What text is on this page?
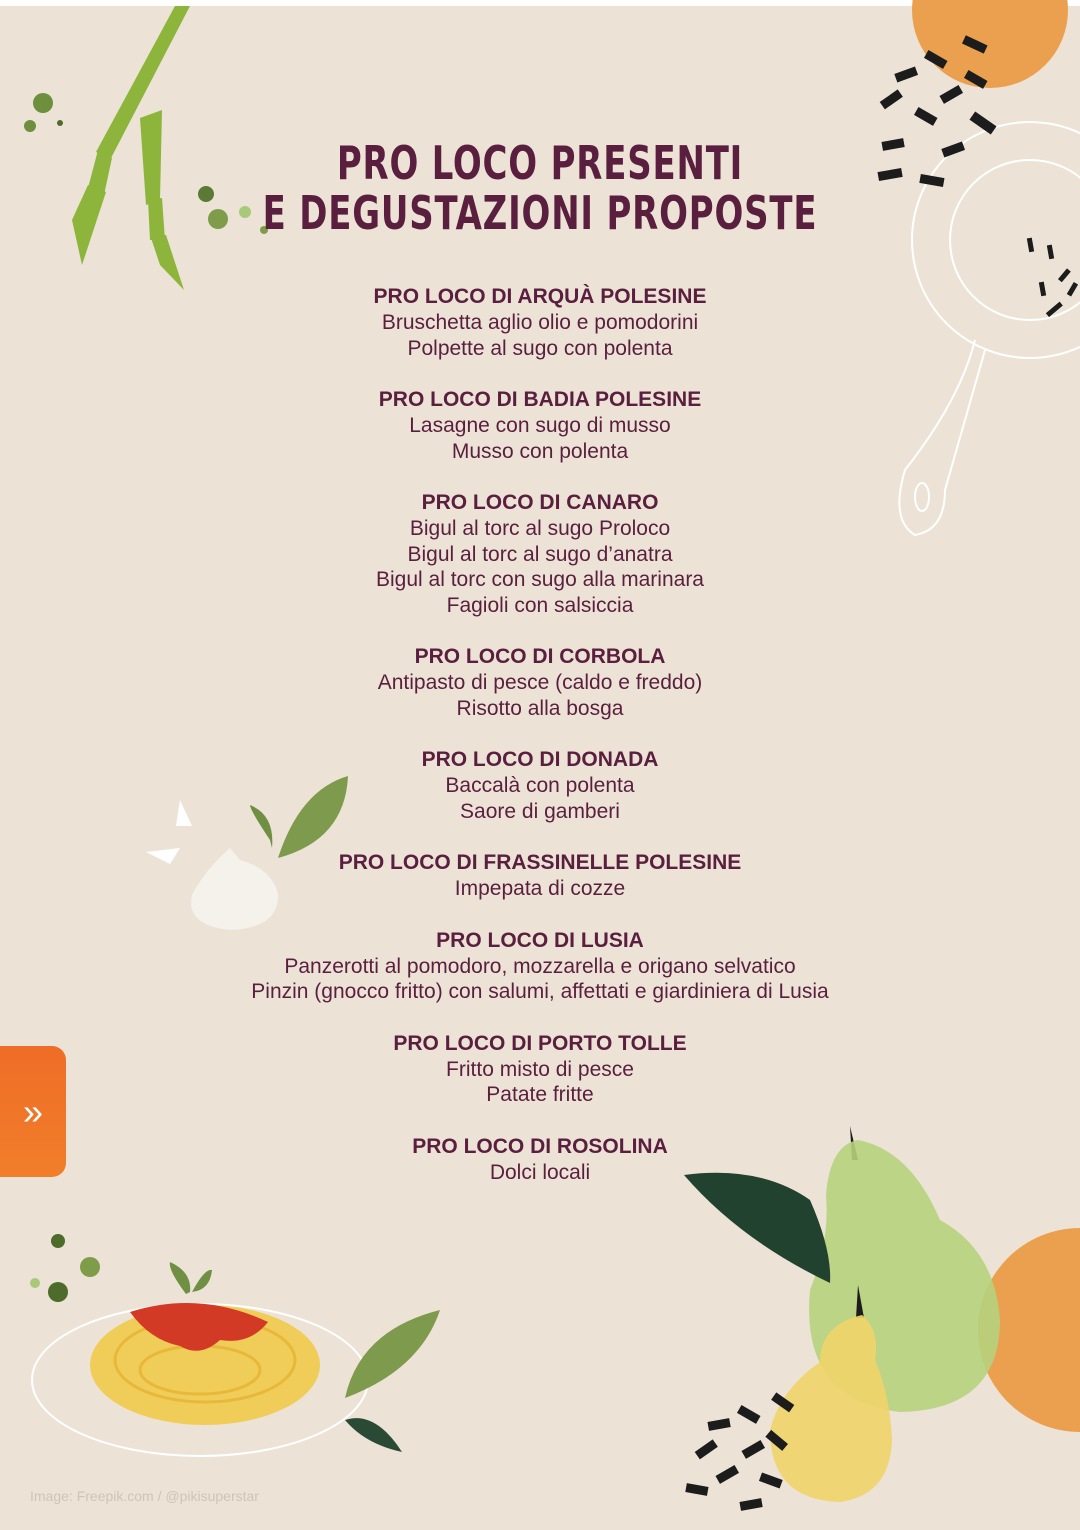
PRO LOCO PRESENTI
E DEGUSTAZIONI PROPOSTE
PRO LOCO DI ARQUÀ POLESINE
Bruschetta aglio olio e pomodorini
Polpette al sugo con polenta
PRO LOCO DI BADIA POLESINE
Lasagne con sugo di musso
Musso con polenta
PRO LOCO DI CANARO
Bigul al torc al sugo Proloco
Bigul al torc al sugo d’anatra
Bigul al torc con sugo alla marinara
Fagioli con salsiccia
PRO LOCO DI CORBOLA
Antipasto di pesce (caldo e freddo)
Risotto alla bosga
PRO LOCO DI DONADA
Baccalà con polenta
Saore di gamberi
PRO LOCO DI FRASSINELLE POLESINE
Impepata di cozze
PRO LOCO DI LUSIA
Panzerotti al pomodoro, mozzarella e origano selvatico
Pinzin (gnocco fritto) con salumi, affettati e giardiniera di Lusia
PRO LOCO DI PORTO TOLLE
Fritto misto di pesce
Patate fritte
PRO LOCO DI ROSOLINA
Dolci locali
»
Image: Freepik.com / @pikisuperstar
